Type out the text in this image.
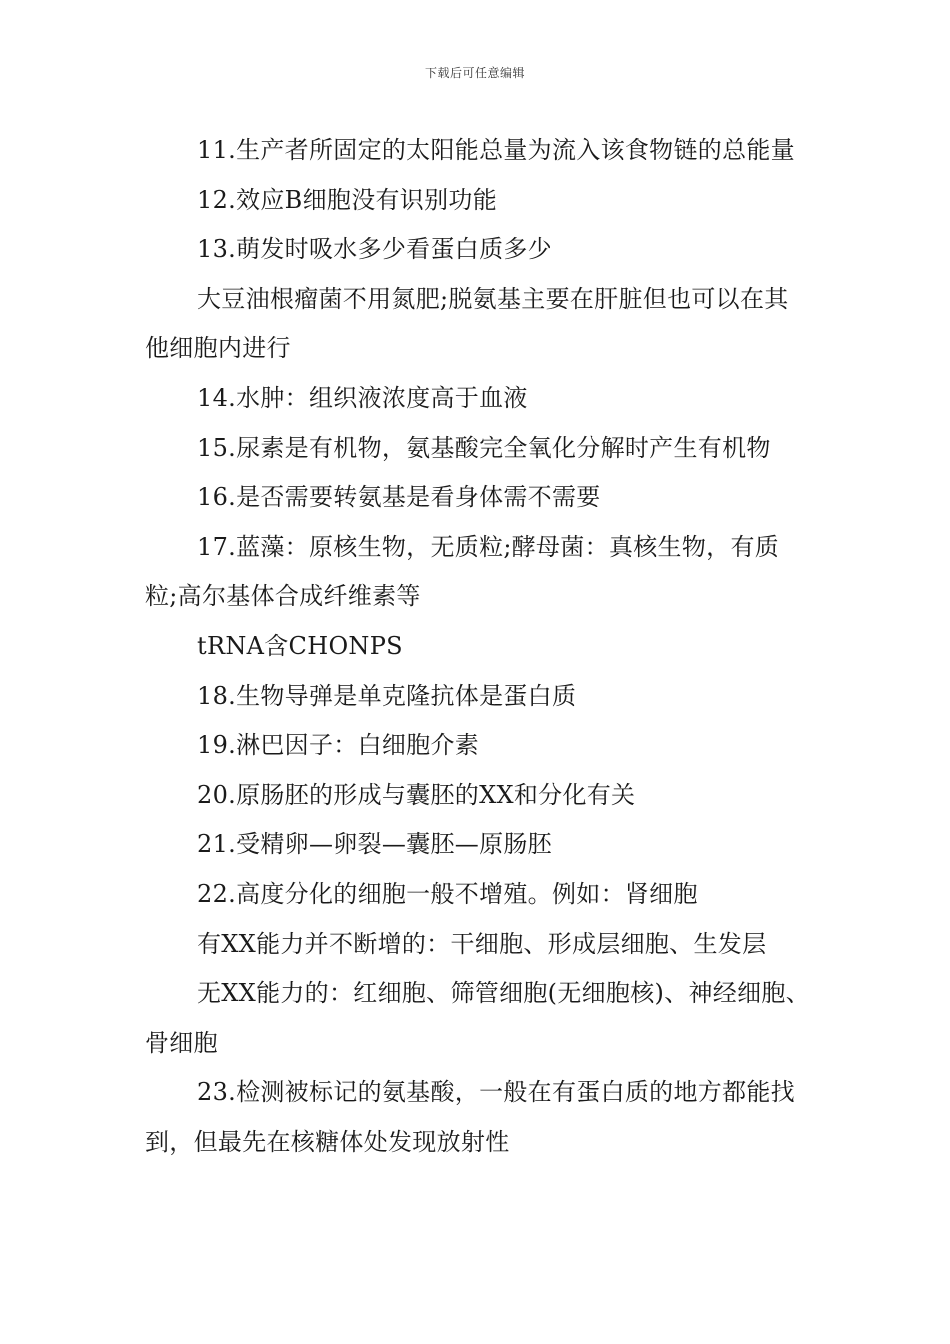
下载后可任意编辑

11.生产者所固定的太阳能总量为流入该食物链的总能量

12.效应B细胞没有识别功能

13.萌发时吸水多少看蛋白质多少

大豆油根瘤菌不用氮肥;脱氨基主要在肝脏但也可以在其他细胞内进行

14.水肿：组织液浓度高于血液

15.尿素是有机物，氨基酸完全氧化分解时产生有机物

16.是否需要转氨基是看身体需不需要

17.蓝藻：原核生物，无质粒;酵母菌：真核生物，有质粒;高尔基体合成纤维素等

tRNA含CHONPS

18.生物导弹是单克隆抗体是蛋白质

19.淋巴因子：白细胞介素

20.原肠胚的形成与囊胚的XX和分化有关

21.受精卵—卵裂—囊胚—原肠胚

22.高度分化的细胞一般不增殖。例如：肾细胞

有XX能力并不断增的：干细胞、形成层细胞、生发层

无XX能力的：红细胞、筛管细胞(无细胞核)、神经细胞、骨细胞

23.检测被标记的氨基酸，一般在有蛋白质的地方都能找到，但最先在核糖体处发现放射性
